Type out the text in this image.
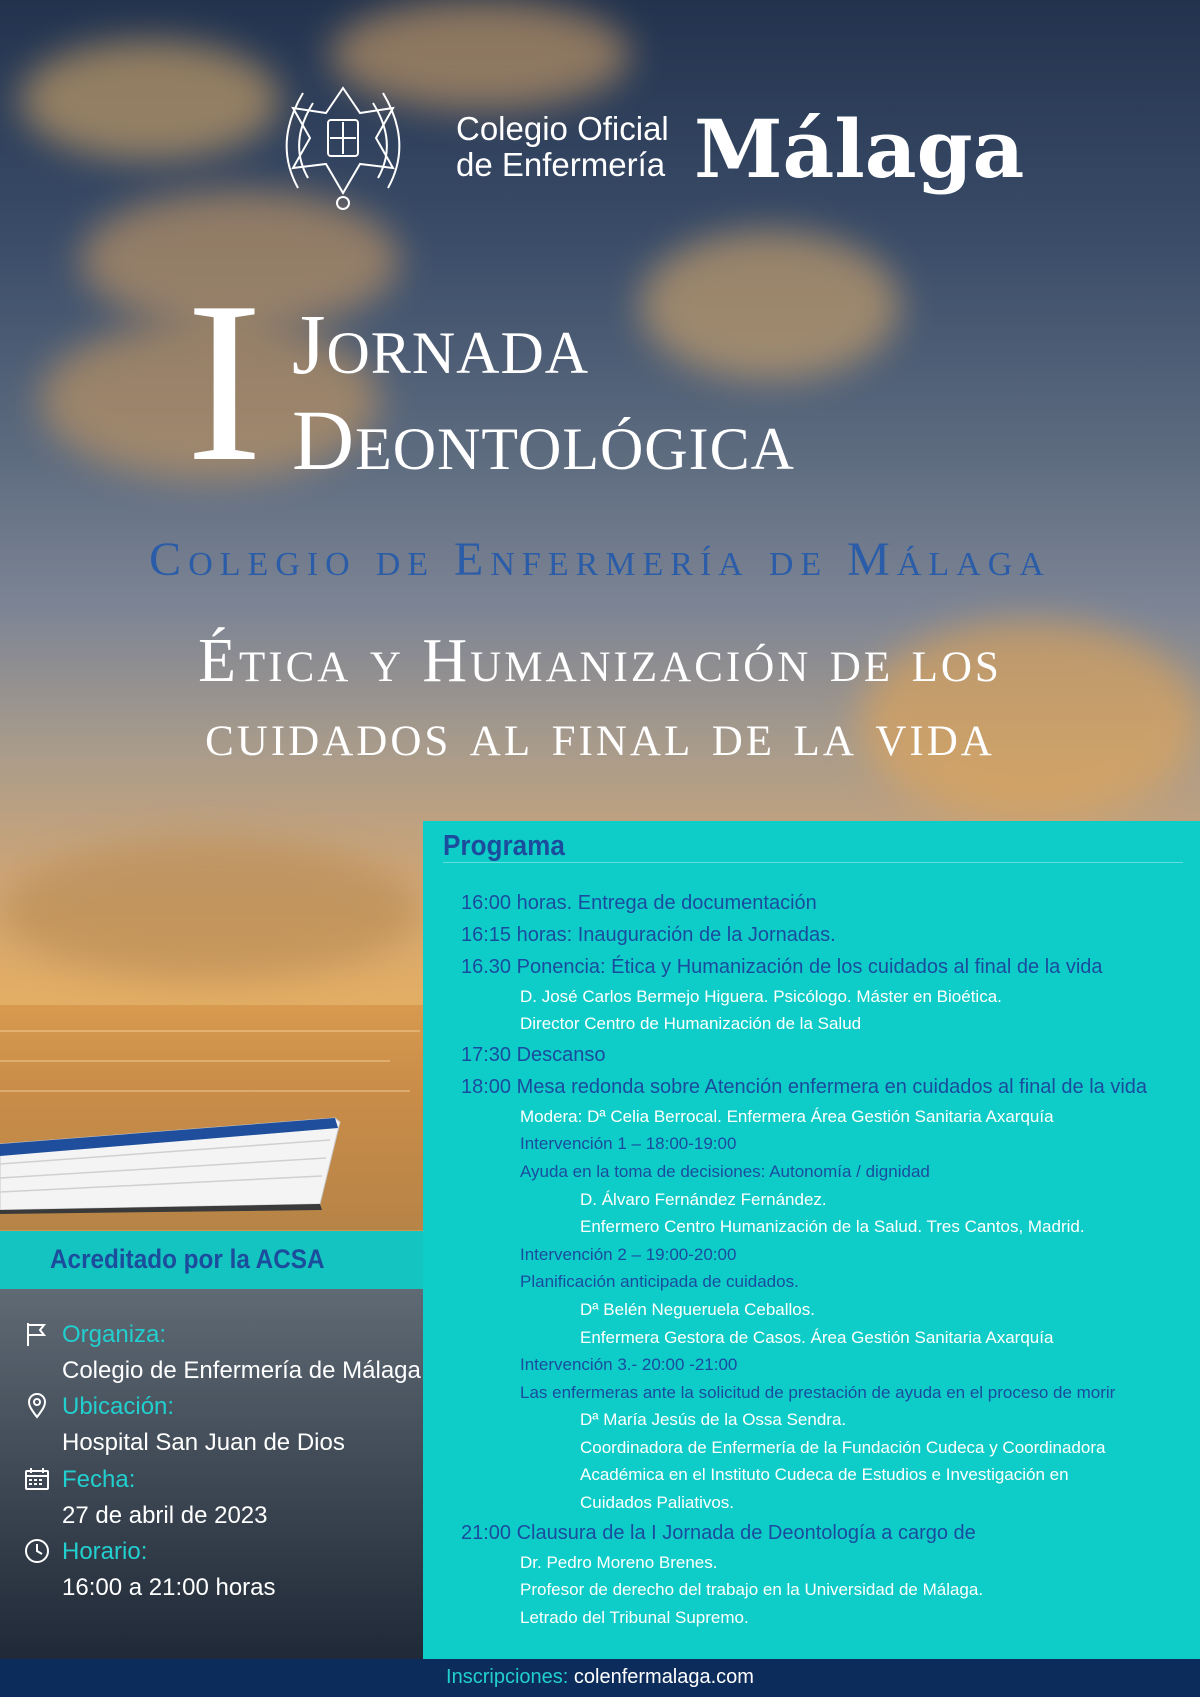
Colegio Oficial
de Enfermería Málaga
I Jornada
Deontológica
Colegio de Enfermería de Málaga
Ética y Humanización de los
cuidados al final de la vida
Acreditado por la ACSA
Organiza:
Colegio de Enfermería de Málaga
Ubicación:
Hospital San Juan de Dios
Fecha:
27 de abril de 2023
Horario:
16:00 a 21:00 horas
Programa
16:00 horas. Entrega de documentación
16:15 horas: Inauguración de la Jornadas.
16.30 Ponencia: Ética y Humanización de los cuidados al final de la vida
D. José Carlos Bermejo Higuera. Psicólogo. Máster en Bioética.
Director Centro de Humanización de la Salud
17:30 Descanso
18:00 Mesa redonda sobre Atención enfermera en cuidados al final de la vida
Modera: Dª Celia Berrocal. Enfermera Área Gestión Sanitaria Axarquía
Intervención 1 – 18:00-19:00
Ayuda en la toma de decisiones: Autonomía / dignidad
D. Álvaro Fernández Fernández.
Enfermero Centro Humanización de la Salud. Tres Cantos, Madrid.
Intervención 2 – 19:00-20:00
Planificación anticipada de cuidados.
Dª Belén Negueruela Ceballos.
Enfermera Gestora de Casos. Área Gestión Sanitaria Axarquía
Intervención 3.- 20:00 -21:00
Las enfermeras ante la solicitud de prestación de ayuda en el proceso de morir
Dª María Jesús de la Ossa Sendra.
Coordinadora de Enfermería de la Fundación Cudeca y Coordinadora
Académica en el Instituto Cudeca de Estudios e Investigación en
Cuidados Paliativos.
21:00 Clausura de la I Jornada de Deontología a cargo de
Dr. Pedro Moreno Brenes.
Profesor de derecho del trabajo en la Universidad de Málaga.
Letrado del Tribunal Supremo.
Inscripciones: colenfermalaga.com
